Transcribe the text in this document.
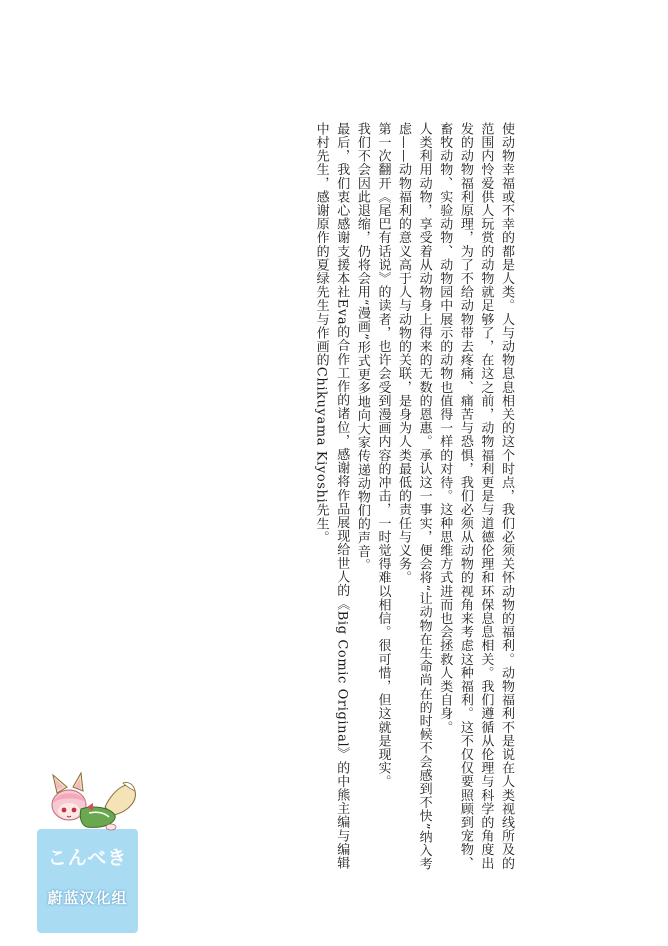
使动物幸福或不幸的都是人类。人与动物息息相关的这个时点，我们必须关怀动物的福利。动物福利不是说在人类视线所及的范围内怜爱供人玩赏的动物就足够了，在这之前，动物福利更是与道德伦理和环保息息相关。我们遵循从伦理与科学的角度出发的动物福利原理，为了不给动物带去疼痛、痛苦与恐惧，我们必须从动物的视角来考虑这种福利。这不仅仅要照顾到宠物、畜牧动物、实验动物、动物园中展示的动物也值得一样的对待。这种思维方式进而也会拯救人类自身。

人类利用动物，享受着从动物身上得来的无数的恩惠。承认这一事实，便会将“让动物在生命尚在的时候不会感到不快”纳入考虑——动物福利的意义高于人与动物的关联，是身为人类最低的责任与义务。

第一次翻开《尾巴有话说》的读者，也许会受到漫画内容的冲击，一时觉得难以相信。很可惜，但这就是现实。

我们不会因此退缩，仍将会用“漫画”形式更多地向大家传递动物们的声音。

最后，我们衷心感谢支援本社Eva的合作工作的诸位，感谢将作品展现给世人的《Big Comic Original》的中熊主编与编辑中村先生，感谢原作的夏绿先生与作画的Chikuyama Kiyoshi先生。

こんべき
蔚蓝汉化组
